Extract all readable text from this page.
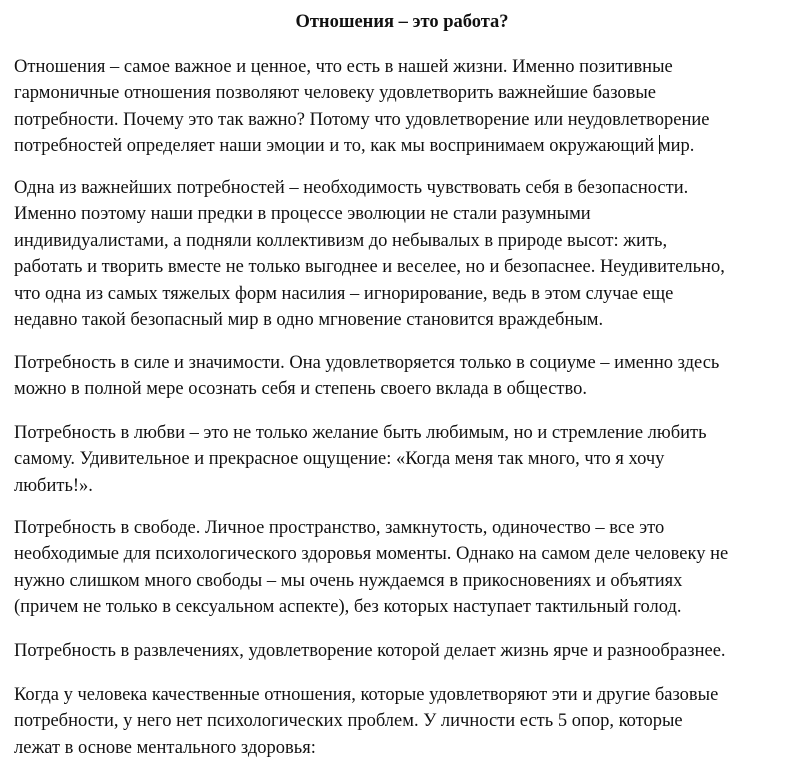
Отношения – это работа?
Отношения – самое важное и ценное, что есть в нашей жизни. Именно позитивные
гармоничные отношения позволяют человеку удовлетворить важнейшие базовые
потребности. Почему это так важно? Потому что удовлетворение или неудовлетворение
потребностей определяет наши эмоции и то, как мы воспринимаем окружающий мир.
Одна из важнейших потребностей – необходимость чувствовать себя в безопасности.
Именно поэтому наши предки в процессе эволюции не стали разумными
индивидуалистами, а подняли коллективизм до небывалых в природе высот: жить,
работать и творить вместе не только выгоднее и веселее, но и безопаснее. Неудивительно,
что одна из самых тяжелых форм насилия – игнорирование, ведь в этом случае еще
недавно такой безопасный мир в одно мгновение становится враждебным.
Потребность в силе и значимости. Она удовлетворяется только в социуме – именно здесь
можно в полной мере осознать себя и степень своего вклада в общество.
Потребность в любви – это не только желание быть любимым, но и стремление любить
самому. Удивительное и прекрасное ощущение: «Когда меня так много, что я хочу
любить!».
Потребность в свободе. Личное пространство, замкнутость, одиночество – все это
необходимые для психологического здоровья моменты. Однако на самом деле человеку не
нужно слишком много свободы – мы очень нуждаемся в прикосновениях и объятиях
(причем не только в сексуальном аспекте), без которых наступает тактильный голод.
Потребность в развлечениях, удовлетворение которой делает жизнь ярче и разнообразнее.
Когда у человека качественные отношения, которые удовлетворяют эти и другие базовые
потребности, у него нет психологических проблем. У личности есть 5 опор, которые
лежат в основе ментального здоровья:
